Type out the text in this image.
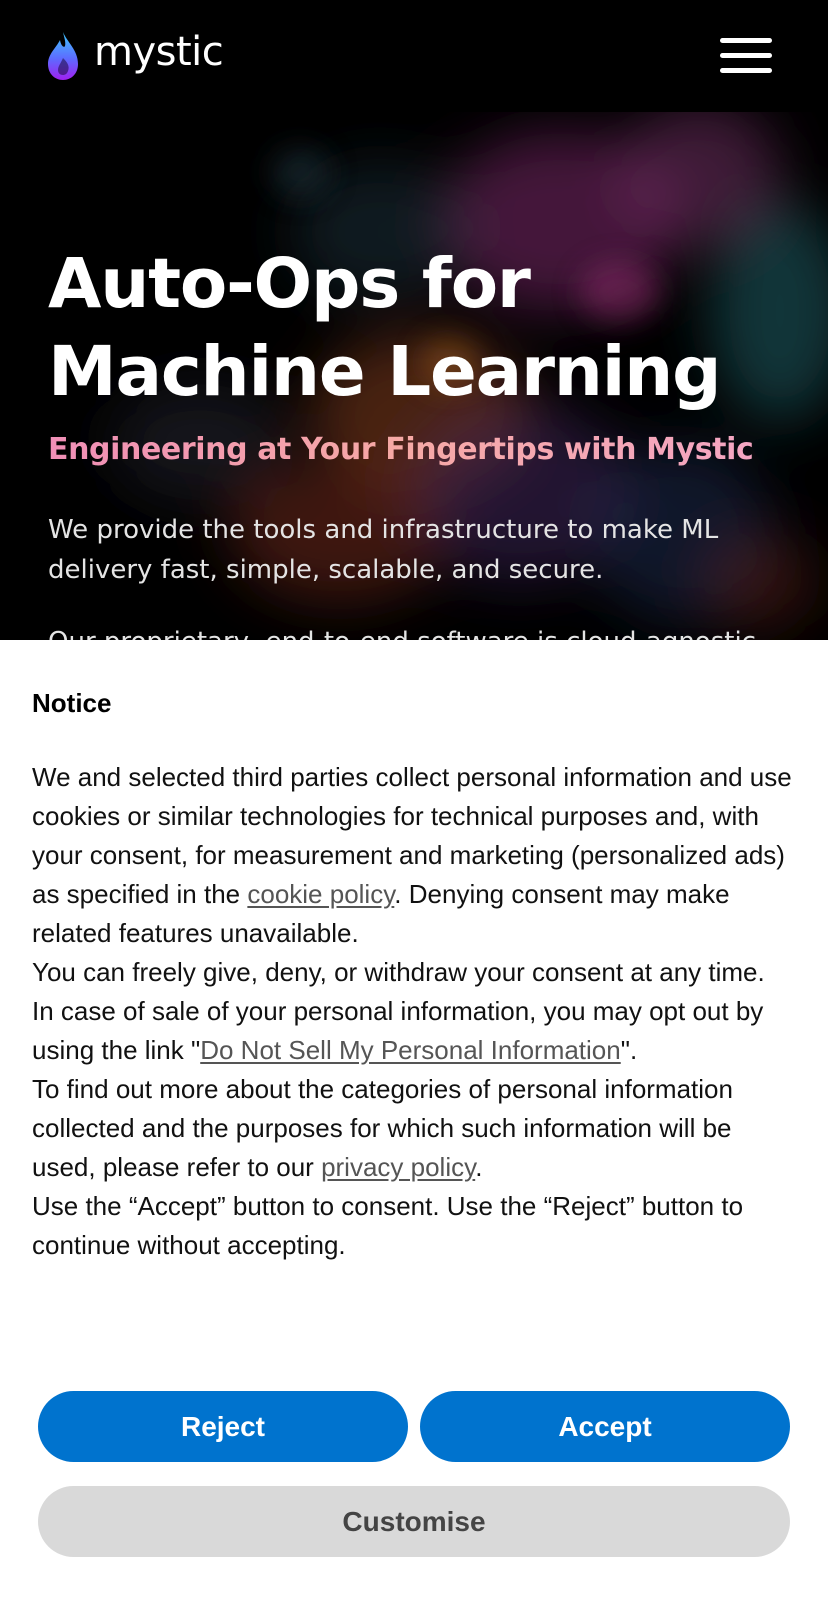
mystic
Auto-Ops for
Machine Learning

Engineering at Your Fingertips with Mystic

We provide the tools and infrastructure to make ML delivery fast, simple, scalable, and secure.

Notice

We and selected third parties collect personal information and use cookies or similar technologies for technical purposes and, with your consent, for measurement and marketing (personalized ads) as specified in the cookie policy. Denying consent may make related features unavailable.

You can freely give, deny, or withdraw your consent at any time.

In case of sale of your personal information, you may opt out by using the link "Do Not Sell My Personal Information".

To find out more about the categories of personal information collected and the purposes for which such information will be used, please refer to our privacy policy.

Use the “Accept” button to consent. Use the “Reject” button to continue without accepting.

Reject	Accept
Customise
